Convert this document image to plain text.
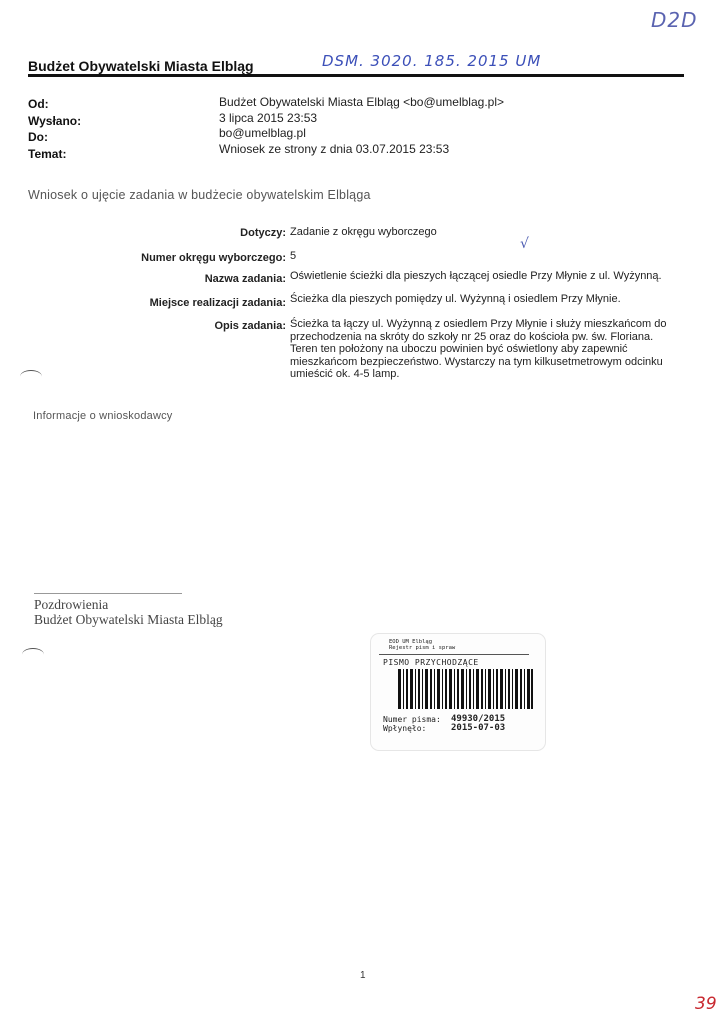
D2D
DSM. 3020. 185. 2015 UM
√
Budżet Obywatelski Miasta Elbląg
Od:	Budżet Obywatelski Miasta Elbląg <bo@umelblag.pl>
Wysłano:	3 lipca 2015 23:53
Do:	bo@umelblag.pl
Temat:	Wniosek ze strony z dnia 03.07.2015 23:53
Wniosek o ujęcie zadania w budżecie obywatelskim Elbląga
Dotyczy: Zadanie z okręgu wyborczego
Numer okręgu wyborczego: 5
Nazwa zadania: Oświetlenie ścieżki dla pieszych łączącej osiedle Przy Młynie z ul. Wyżynną.
Miejsce realizacji zadania: Ścieżka dla pieszych pomiędzy ul. Wyżynną i osiedlem Przy Młynie.
Opis zadania: Ścieżka ta łączy ul. Wyżynną z osiedlem Przy Młynie i służy mieszkańcom do
przechodzenia na skróty do szkoły nr 25 oraz do kościoła pw. św. Floriana.
Teren ten położony na uboczu powinien być oświetlony aby zapewnić
mieszkańcom bezpieczeństwo. Wystarczy na tym kilkusetmetrowym odcinku
umieścić ok. 4-5 lamp.
Informacje o wnioskodawcy
Pozdrowienia
Budżet Obywatelski Miasta Elbląg
EOD UM Elbląg
Rejestr pism i spraw
PISMO PRZYCHODZĄCE
Numer pisma: 49930/2015
Wpłynęło:	2015-07-03
1
39
